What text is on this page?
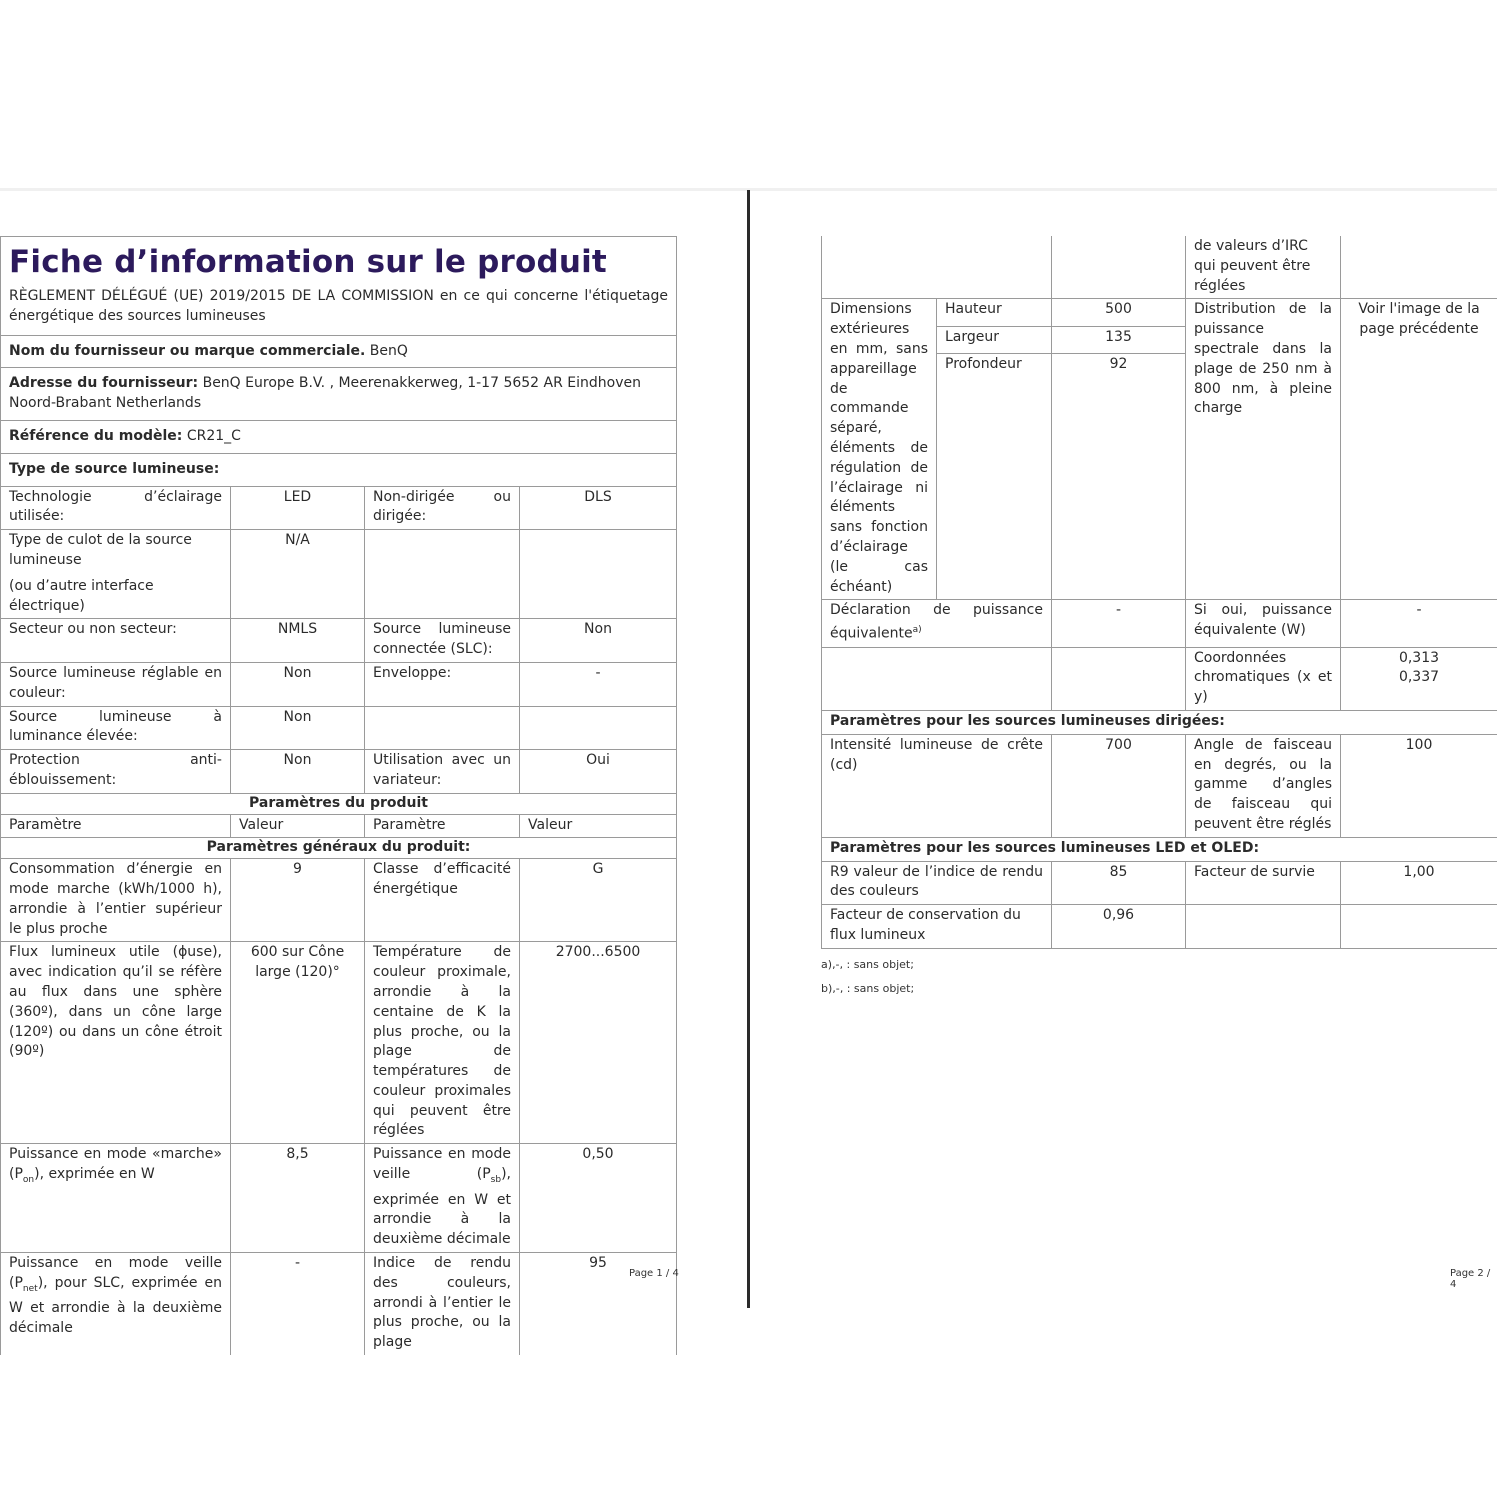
Fiche d’information sur le produit
RÈGLEMENT DÉLÉGUÉ (UE) 2019/2015 DE LA COMMISSION en ce qui concerne l'étiquetage énergétique des sources lumineuses			

Nom du fournisseur ou marque commerciale. BenQ			
Adresse du fournisseur: BenQ Europe B.V. , Meerenakkerweg, 1-17 5652 AR Eindhoven Noord-Brabant Netherlands			
Référence du modèle: CR21_C			
Type de source lumineuse:			
Technologie d’éclairage utilisée:	LED	Non-dirigée ou dirigée:	DLS

Type de culot de la source lumineuse
(ou d’autre interface électrique)	N/A		
Secteur ou non secteur:	NMLS	Source lumineuse connectée (SLC):	Non
Source lumineuse réglable en couleur:	Non	Enveloppe:	-
Source lumineuse à luminance élevée:	Non		
Protection anti-éblouissement:	Non	Utilisation avec un variateur:	Oui
Paramètres du produit			
Paramètre	Valeur	Paramètre	Valeur
Paramètres généraux du produit:			
Consommation d’énergie en mode marche (kWh/1000 h), arrondie à l’entier supérieur le plus proche	9	Classe d’efficacité énergétique	G
Flux lumineux utile (ϕuse), avec indication qu’il se réfère au flux dans une sphère (360º), dans un cône large (120º) ou dans un cône étroit (90º)	600 sur Cône large (120)°	Température de couleur proximale, arrondie à la centaine de K la plus proche, ou la plage de températures de couleur proximales qui peuvent être réglées	2700...6500
Puissance en mode «marche» $(P_{on})$, exprimée en W	8,5	Puissance en mode veille $(P_{sb})$, exprimée en W et arrondie à la deuxième décimale	0,50
Puissance en mode veille $(P_{net})$, pour SLC, exprimée en W et arrondie à la deuxième décimale	-	Indice de rendu des couleurs, arrondi à l’entier le plus proche, ou la plage	95
Page 1 / 4
			de valeurs d’IRC qui peuvent être réglées	
Dimensions extérieures en mm, sans appareillage de commande séparé, éléments de régulation de l’éclairage ni éléments sans fonction d’éclairage (le cas échéant)	Hauteur	500	Distribution de la puissance spectrale dans la plage de 250 nm à 800 nm, à pleine charge	Voir l'image de la page précédente
	Largeur	135		
	Profondeur	92		
Déclaration de puissance équivalente$^{a)}$		-	Si oui, puissance équivalente (W)	-
			Coordonnées chromatiques (x et y)	0,313
0,337

Paramètres pour les sources lumineuses dirigées:				
Intensité lumineuse de crête (cd)		700	Angle de faisceau en degrés, ou la gamme d’angles de faisceau qui peuvent être réglés	100
Paramètres pour les sources lumineuses LED et OLED:				
R9 valeur de l’indice de rendu des couleurs		85	Facteur de survie	1,00
Facteur de conservation du flux lumineux		0,96		
a)‚-‚ : sans objet;
b)‚-‚ : sans objet;
Page 2 / 4
